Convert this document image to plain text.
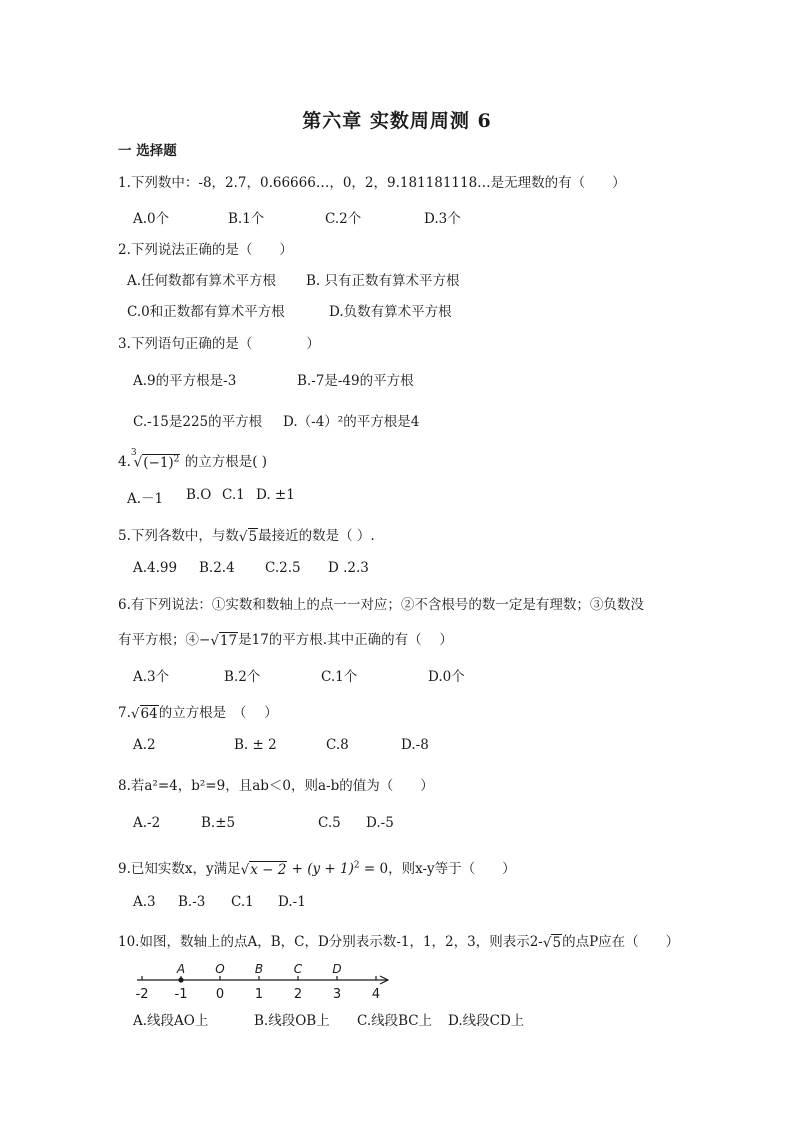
第六章 实数周周测 6
一 选择题
1.下列数中：-8，2.7，0.66666…，0，2，9.181181118…是无理数的有（　　）
A.0个	B.1个	C.2个	D.3个
2.下列说法正确的是（　　）
A.任何数都有算术平方根 B. 只有正数有算术平方根
C.0和正数都有算术平方根	D.负数有算术平方根
3.下列语句正确的是（　　　　）
A.9的平方根是-3	B.-7是-49的平方根
C.-15是225的平方根 D.（-4）²的平方根是4
$4.^3√(-1)^2$ 的立方根是( )
A.－1 B.O C.1 D. ±1
5.下列各数中，与数√5最接近的数是（ ）.
A.4.99 B.2.4 C.2.5 D .2.3
6.有下列说法：①实数和数轴上的点一一对应；②不含根号的数一定是有理数；③负数没
有平方根；④−√17是17的平方根.其中正确的有（　 ）
A.3个	B.2个	C.1个	D.0个
7.√64的立方根是　（　 ）
A.2	B. ± 2	C.8	D.-8
8.若a²=4，b²=9，且ab＜0，则a-b的值为（　　）
A.-2	B.±5	C.5 D.-5
9.已知实数x，y满足$√x - 2 + (y + 1)^2 = 0$，则x-y等于（　　）
A.3 B.-3 C.1 D.-1
10.如图，数轴上的点A，B，C，D分别表示数-1，1，2，3，则表示2-√5的点P应在（　　）
-2 -1 0 1 2 3 4
A	O	B	C	D
A.线段AO上	B.线段OB上 C.线段BC上 D.线段CD上
